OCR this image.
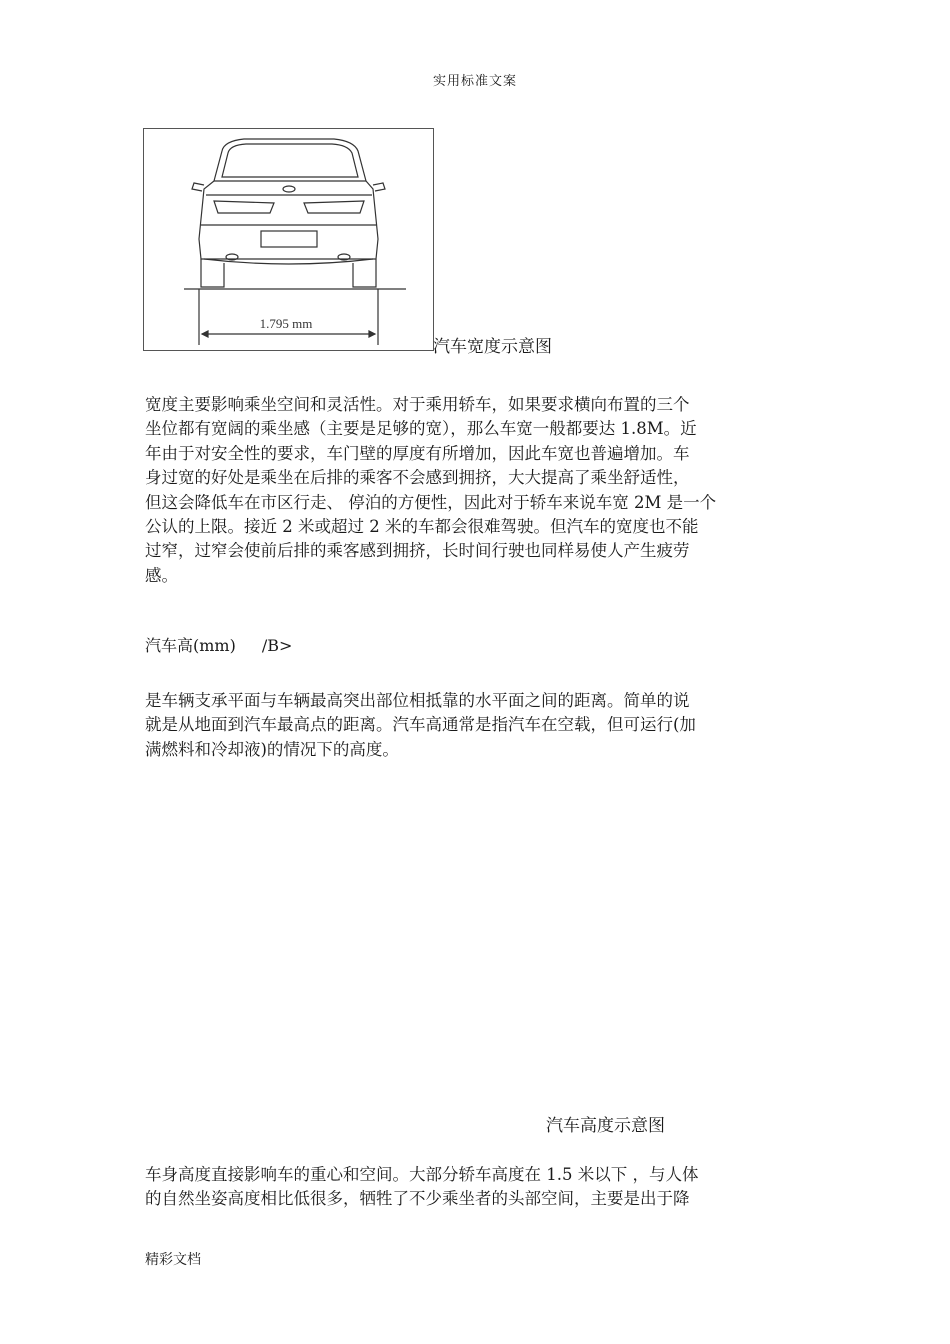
实用标准文案
1.795 mm
汽车宽度示意图
宽度主要影响乘坐空间和灵活性。对于乘用轿车，如果要求横向布置的三个
坐位都有宽阔的乘坐感（主要是足够的宽），那么车宽一般都要达 1.8M。近
年由于对安全性的要求，车门壁的厚度有所增加，因此车宽也普遍增加。车
身过宽的好处是乘坐在后排的乘客不会感到拥挤，大大提高了乘坐舒适性，
但这会降低车在市区行走、 停泊的方便性，因此对于轿车来说车宽 2M 是一个
公认的上限。接近 2 米或超过 2 米的车都会很难驾驶。但汽车的宽度也不能
过窄，过窄会使前后排的乘客感到拥挤，长时间行驶也同样易使人产生疲劳
感。
汽车高(mm) /B>
是车辆支承平面与车辆最高突出部位相抵靠的水平面之间的距离。简单的说
就是从地面到汽车最高点的距离。汽车高通常是指汽车在空载，但可运行(加
满燃料和冷却液)的情况下的高度。
汽车高度示意图
车身高度直接影响车的重心和空间。大部分轿车高度在 1.5 米以下 ，与人体
的自然坐姿高度相比低很多，牺牲了不少乘坐者的头部空间，主要是出于降
精彩文档
